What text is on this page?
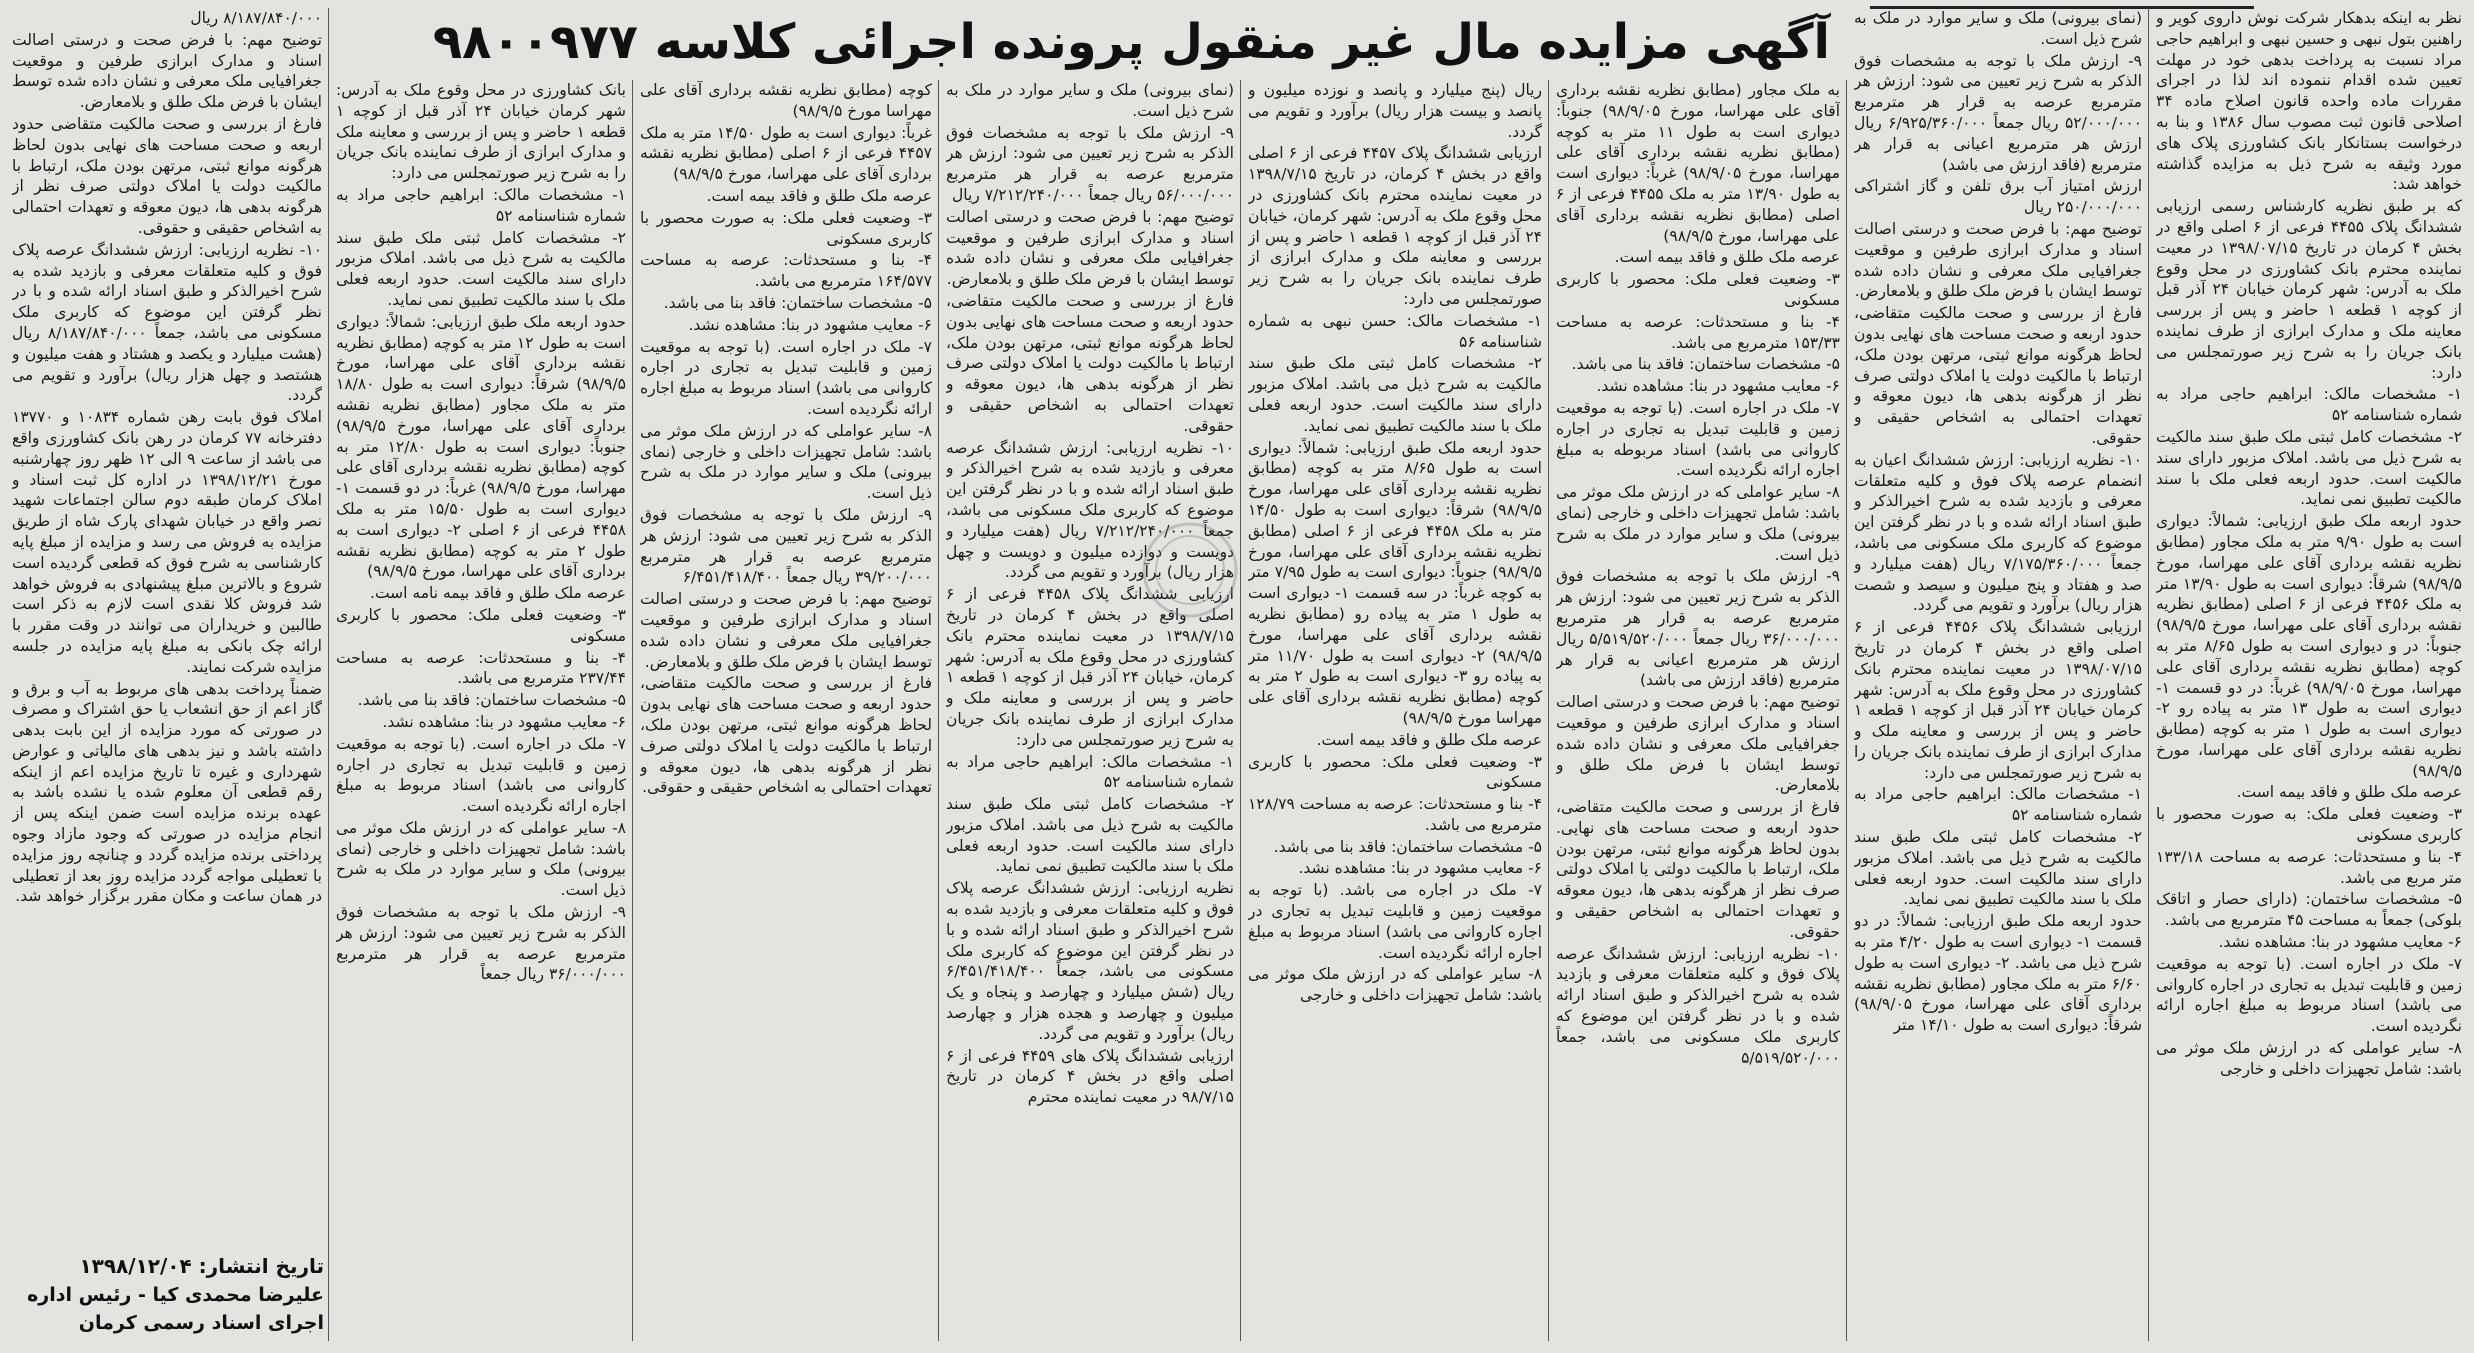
آگهی مزایده مال غیر منقول پرونده اجرائی کلاسه ۹۸۰۰۹۷۷	نظر به اینکه بدهکار شرکت نوش داروی کویر و راهنین بتول نبهی و حسین نبهی و ابراهیم حاجی مراد نسبت به پرداخت بدهی خود در مهلت تعیین شده اقدام ننموده اند لذا در اجرای مقررات ماده واحده قانون اصلاح ماده ۳۴ اصلاحی قانون ثبت مصوب سال ۱۳۸۶ و بنا به درخواست بستانکار بانک کشاورزی پلاک های مورد وثیقه به شرح ذیل به مزایده گذاشته خواهد شد:

که بر طبق نظریه کارشناس رسمی ارزیابی ششدانگ پلاک ۴۴۵۵ فرعی از ۶ اصلی واقع در بخش ۴ کرمان در تاریخ ۱۳۹۸/۰۷/۱۵ در معیت نماینده محترم بانک کشاورزی در محل وقوع ملک به آدرس: شهر کرمان خیابان ۲۴ آذر قبل از کوچه ۱ قطعه ۱ حاضر و پس از بررسی معاینه ملک و مدارک ابرازی از طرف نماینده بانک جریان را به شرح زیر صورتمجلس می دارد:

۱- مشخصات مالک: ابراهیم حاجی مراد به شماره شناسنامه ۵۲

۲- مشخصات کامل ثبتی ملک طبق سند مالکیت به شرح ذیل می باشد. املاک مزبور دارای سند مالکیت است. حدود اربعه فعلی ملک با سند مالکیت تطبیق نمی نماید.

حدود اربعه ملک طبق ارزیابی: شمالاً: دیواری است به طول ۹/۹۰ متر به ملک مجاور (مطابق نظریه نقشه برداری آقای علی مهراسا، مورخ ۹۸/۹/۵) شرقاً: دیواری است به طول ۱۳/۹۰ متر به ملک ۴۴۵۶ فرعی از ۶ اصلی (مطابق نظریه نقشه برداری آقای علی مهراسا، مورخ ۹۸/۹/۵) جنوباً: در و دیواری است به طول ۸/۶۵ متر به کوچه (مطابق نظریه نقشه برداری آقای علی مهراسا، مورخ ۹۸/۹/۰۵) غرباً: در دو قسمت ۱- دیواری است به طول ۱۳ متر به پیاده رو ۲- دیواری است به طول ۱ متر به کوچه (مطابق نظریه نقشه برداری آقای علی مهراسا، مورخ ۹۸/۹/۵)

عرصه ملک طلق و فاقد بیمه است.

۳- وضعیت فعلی ملک: به صورت محصور با کاربری مسکونی

۴- بنا و مستحدثات: عرصه به مساحت ۱۳۳/۱۸ متر مربع می باشد.

۵- مشخصات ساختمان: (دارای حصار و اتاقک بلوکی) جمعاً به مساحت ۴۵ مترمربع می باشد.

۶- معایب مشهود در بنا: مشاهده نشد.

۷- ملک در اجاره است. (با توجه به موقعیت زمین و قابلیت تبدیل به تجاری در اجاره کاروانی می باشد) اسناد مربوط به مبلغ اجاره ارائه نگردیده است.

۸- سایر عواملی که در ارزش ملک موثر می باشد: شامل تجهیزات داخلی و خارجی

(نمای بیرونی) ملک و سایر موارد در ملک به شرح ذیل است.

۹- ارزش ملک با توجه به مشخصات فوق الذکر به شرح زیر تعیین می شود: ارزش هر مترمربع عرصه به قرار هر مترمربع ۵۲/۰۰۰/۰۰۰ ریال جمعاً ۶/۹۲۵/۳۶۰/۰۰۰ ریال ارزش هر مترمربع اعیانی به قرار هر مترمربع (فاقد ارزش می باشد)

ارزش امتیاز آب برق تلفن و گاز اشتراکی ۲۵۰/۰۰۰/۰۰۰ ریال

توضیح مهم: با فرض صحت و درستی اصالت اسناد و مدارک ابرازی طرفین و موقعیت جغرافیایی ملک معرفی و نشان داده شده توسط ایشان با فرض ملک طلق و بلامعارض.

فارغ از بررسی و صحت مالکیت متقاضی، حدود اربعه و صحت مساحت های نهایی بدون لحاظ هرگونه موانع ثبتی، مرتهن بودن ملک، ارتباط با مالکیت دولت یا املاک دولتی صرف نظر از هرگونه بدهی ها، دیون معوقه و تعهدات احتمالی به اشخاص حقیقی و حقوقی.

۱۰- نظریه ارزیابی: ارزش ششدانگ اعیان به انضمام عرصه پلاک فوق و کلیه متعلقات معرفی و بازدید شده به شرح اخیرالذکر و طبق اسناد ارائه شده و با در نظر گرفتن این موضوع که کاربری ملک مسکونی می باشد، جمعاً ۷/۱۷۵/۳۶۰/۰۰۰ ریال (هفت میلیارد و صد و هفتاد و پنج میلیون و سیصد و شصت هزار ریال) برآورد و تقویم می گردد.

ارزیابی ششدانگ پلاک ۴۴۵۶ فرعی از ۶ اصلی واقع در بخش ۴ کرمان در تاریخ ۱۳۹۸/۰۷/۱۵ در معیت نماینده محترم بانک کشاورزی در محل وقوع ملک به آدرس: شهر کرمان خیابان ۲۴ آذر قبل از کوچه ۱ قطعه ۱ حاضر و پس از بررسی و معاینه ملک و مدارک ابرازی از طرف نماینده بانک جریان را به شرح زیر صورتمجلس می دارد:

۱- مشخصات مالک: ابراهیم حاجی مراد به شماره شناسنامه ۵۲

۲- مشخصات کامل ثبتی ملک طبق سند مالکیت به شرح ذیل می باشد. املاک مزبور دارای سند مالکیت است. حدود اربعه فعلی ملک با سند مالکیت تطبیق نمی نماید.

حدود اربعه ملک طبق ارزیابی: شمالاً: در دو قسمت ۱- دیواری است به طول ۴/۲۰ متر به شرح ذیل می باشد. ۲- دیواری است به طول ۶/۶۰ متر به ملک مجاور (مطابق نظریه نقشه برداری آقای علی مهراسا، مورخ ۹۸/۹/۰۵) شرقاً: دیواری است به طول ۱۴/۱۰ متر

به ملک مجاور (مطابق نظریه نقشه برداری آقای علی مهراسا، مورخ ۹۸/۹/۰۵) جنوباً: دیواری است به طول ۱۱ متر به کوچه (مطابق نظریه نقشه برداری آقای علی مهراسا، مورخ ۹۸/۹/۰۵) غرباً: دیواری است به طول ۱۳/۹۰ متر به ملک ۴۴۵۵ فرعی از ۶ اصلی (مطابق نظریه نقشه برداری آقای علی مهراسا، مورخ ۹۸/۹/۵)

عرصه ملک طلق و فاقد بیمه است.

۳- وضعیت فعلی ملک: محصور با کاربری مسکونی

۴- بنا و مستحدثات: عرصه به مساحت ۱۵۳/۳۳ مترمربع می باشد.

۵- مشخصات ساختمان: فاقد بنا می باشد.

۶- معایب مشهود در بنا: مشاهده نشد.

۷- ملک در اجاره است. (با توجه به موقعیت زمین و قابلیت تبدیل به تجاری در اجاره کاروانی می باشد) اسناد مربوطه به مبلغ اجاره ارائه نگردیده است.

۸- سایر عواملی که در ارزش ملک موثر می باشد: شامل تجهیزات داخلی و خارجی (نمای بیرونی) ملک و سایر موارد در ملک به شرح ذیل است.

۹- ارزش ملک با توجه به مشخصات فوق الذکر به شرح زیر تعیین می شود: ارزش هر مترمربع عرصه به قرار هر مترمربع ۳۶/۰۰۰/۰۰۰ ریال جمعاً ۵/۵۱۹/۵۲۰/۰۰۰ ریال ارزش هر مترمربع اعیانی به قرار هر مترمربع (فاقد ارزش می باشد)

توضیح مهم: با فرض صحت و درستی اصالت اسناد و مدارک ابرازی طرفین و موقعیت جغرافیایی ملک معرفی و نشان داده شده توسط ایشان با فرض ملک طلق و بلامعارض.

فارغ از بررسی و صحت مالکیت متقاضی، حدود اربعه و صحت مساحت های نهایی. بدون لحاظ هرگونه موانع ثبتی، مرتهن بودن ملک، ارتباط با مالکیت دولتی یا املاک دولتی صرف نظر از هرگونه بدهی ها، دیون معوقه و تعهدات احتمالی به اشخاص حقیقی و حقوقی.

۱۰- نظریه ارزیابی: ارزش ششدانگ عرصه پلاک فوق و کلیه متعلقات معرفی و بازدید شده به شرح اخیرالذکر و طبق اسناد ارائه شده و با در نظر گرفتن این موضوع که کاربری ملک مسکونی می باشد، جمعاً ۵/۵۱۹/۵۲۰/۰۰۰

ریال (پنج میلیارد و پانصد و نوزده میلیون و پانصد و بیست هزار ریال) برآورد و تقویم می گردد.

ارزیابی ششدانگ پلاک ۴۴۵۷ فرعی از ۶ اصلی واقع در بخش ۴ کرمان، در تاریخ ۱۳۹۸/۷/۱۵ در معیت نماینده محترم بانک کشاورزی در محل وقوع ملک به آدرس: شهر کرمان، خیابان ۲۴ آذر قبل از کوچه ۱ قطعه ۱ حاضر و پس از بررسی و معاینه ملک و مدارک ابرازی از طرف نماینده بانک جریان را به شرح زیر صورتمجلس می دارد:

۱- مشخصات مالک: حسن نبهی به شماره شناسنامه ۵۶

۲- مشخصات کامل ثبتی ملک طبق سند مالکیت به شرح ذیل می باشد. املاک مزبور دارای سند مالکیت است. حدود اربعه فعلی ملک با سند مالکیت تطبیق نمی نماید.

حدود اربعه ملک طبق ارزیابی: شمالاً: دیواری است به طول ۸/۶۵ متر به کوچه (مطابق نظریه نقشه برداری آقای علی مهراسا، مورخ ۹۸/۹/۵) شرقاً: دیواری است به طول ۱۴/۵۰ متر به ملک ۴۴۵۸ فرعی از ۶ اصلی (مطابق نظریه نقشه برداری آقای علی مهراسا، مورخ ۹۸/۹/۵) جنوباً: دیواری است به طول ۷/۹۵ متر به کوچه غرباً: در سه قسمت ۱- دیواری است به طول ۱ متر به پیاده رو (مطابق نظریه نقشه برداری آقای علی مهراسا، مورخ ۹۸/۹/۵) ۲- دیواری است به طول ۱۱/۷۰ متر به پیاده رو ۳- دیواری است به طول ۲ متر به کوچه (مطابق نظریه نقشه برداری آقای علی مهراسا مورخ ۹۸/۹/۵)

عرصه ملک طلق و فاقد بیمه است.

۳- وضعیت فعلی ملک: محصور با کاربری مسکونی

۴- بنا و مستحدثات: عرصه به مساحت ۱۲۸/۷۹ مترمربع می باشد.

۵- مشخصات ساختمان: فاقد بنا می باشد.

۶- معایب مشهود در بنا: مشاهده نشد.

۷- ملک در اجاره می باشد. (با توجه به موقعیت زمین و قابلیت تبدیل به تجاری در اجاره کاروانی می باشد) اسناد مربوط به مبلغ اجاره ارائه نگردیده است.

۸- سایر عواملی که در ارزش ملک موثر می باشد: شامل تجهیزات داخلی و خارجی

(نمای بیرونی) ملک و سایر موارد در ملک به شرح ذیل است.

۹- ارزش ملک با توجه به مشخصات فوق الذکر به شرح زیر تعیین می شود: ارزش هر مترمربع عرصه به قرار هر مترمربع ۵۶/۰۰۰/۰۰۰ ریال جمعاً ۷/۲۱۲/۲۴۰/۰۰۰ ریال

توضیح مهم: با فرض صحت و درستی اصالت اسناد و مدارک ابرازی طرفین و موقعیت جغرافیایی ملک معرفی و نشان داده شده توسط ایشان با فرض ملک طلق و بلامعارض.

فارغ از بررسی و صحت مالکیت متقاضی، حدود اربعه و صحت مساحت های نهایی بدون لحاظ هرگونه موانع ثبتی، مرتهن بودن ملک، ارتباط با مالکیت دولت یا املاک دولتی صرف نظر از هرگونه بدهی ها، دیون معوقه و تعهدات احتمالی به اشخاص حقیقی و حقوقی.

۱۰- نظریه ارزیابی: ارزش ششدانگ عرصه معرفی و بازدید شده به شرح اخیرالذکر و طبق اسناد ارائه شده و با در نظر گرفتن این موضوع که کاربری ملک مسکونی می باشد، جمعاً ۷/۲۱۲/۲۴۰/۰۰۰ ریال (هفت میلیارد و دویست و دوازده میلیون و دویست و چهل هزار ریال) برآورد و تقویم می گردد.

ارزیابی ششدانگ پلاک ۴۴۵۸ فرعی از ۶ اصلی واقع در بخش ۴ کرمان در تاریخ ۱۳۹۸/۷/۱۵ در معیت نماینده محترم بانک کشاورزی در محل وقوع ملک به آدرس: شهر کرمان، خیابان ۲۴ آذر قبل از کوچه ۱ قطعه ۱ حاضر و پس از بررسی و معاینه ملک و مدارک ابرازی از طرف نماینده بانک جریان به شرح زیر صورتمجلس می دارد:

۱- مشخصات مالک: ابراهیم حاجی مراد به شماره شناسنامه ۵۲

۲- مشخصات کامل ثبتی ملک طبق سند مالکیت به شرح ذیل می باشد. املاک مزبور دارای سند مالکیت است. حدود اربعه فعلی ملک با سند مالکیت تطبیق نمی نماید.

نظریه ارزیابی: ارزش ششدانگ عرصه پلاک فوق و کلیه متعلقات معرفی و بازدید شده به شرح اخیرالذکر و طبق اسناد ارائه شده و با در نظر گرفتن این موضوع که کاربری ملک مسکونی می باشد، جمعاً ۶/۴۵۱/۴۱۸/۴۰۰ ریال (شش میلیارد و چهارصد و پنجاه و یک میلیون و چهارصد و هجده هزار و چهارصد ریال) برآورد و تقویم می گردد.

ارزیابی ششدانگ پلاک های ۴۴۵۹ فرعی از ۶ اصلی واقع در بخش ۴ کرمان در تاریخ ۹۸/۷/۱۵ در معیت نماینده محترم

کوچه (مطابق نظریه نقشه برداری آقای علی مهراسا مورخ ۹۸/۹/۵)

غرباً: دیواری است به طول ۱۴/۵۰ متر به ملک ۴۴۵۷ فرعی از ۶ اصلی (مطابق نظریه نقشه برداری آقای علی مهراسا، مورخ ۹۸/۹/۵)

عرصه ملک طلق و فاقد بیمه است.

۳- وضعیت فعلی ملک: به صورت محصور با کاربری مسکونی

۴- بنا و مستحدثات: عرصه به مساحت ۱۶۴/۵۷۷ مترمربع می باشد.

۵- مشخصات ساختمان: فاقد بنا می باشد.

۶- معایب مشهود در بنا: مشاهده نشد.

۷- ملک در اجاره است. (با توجه به موقعیت زمین و قابلیت تبدیل به تجاری در اجاره کاروانی می باشد) اسناد مربوط به مبلغ اجاره ارائه نگردیده است.

۸- سایر عواملی که در ارزش ملک موثر می باشد: شامل تجهیزات داخلی و خارجی (نمای بیرونی) ملک و سایر موارد در ملک به شرح ذیل است.

۹- ارزش ملک با توجه به مشخصات فوق الذکر به شرح زیر تعیین می شود: ارزش هر مترمربع عرصه به قرار هر مترمربع ۳۹/۲۰۰/۰۰۰ ریال جمعاً ۶/۴۵۱/۴۱۸/۴۰۰

توضیح مهم: با فرض صحت و درستی اصالت اسناد و مدارک ابرازی طرفین و موقعیت جغرافیایی ملک معرفی و نشان داده شده توسط ایشان با فرض ملک طلق و بلامعارض.

فارغ از بررسی و صحت مالکیت متقاضی، حدود اربعه و صحت مساحت های نهایی بدون لحاظ هرگونه موانع ثبتی، مرتهن بودن ملک، ارتباط با مالکیت دولت یا املاک دولتی صرف نظر از هرگونه بدهی ها، دیون معوقه و تعهدات احتمالی به اشخاص حقیقی و حقوقی.

بانک کشاورزی در محل وقوع ملک به آدرس: شهر کرمان خیابان ۲۴ آذر قبل از کوچه ۱ قطعه ۱ حاضر و پس از بررسی و معاینه ملک و مدارک ابرازی از طرف نماینده بانک جریان را به شرح زیر صورتمجلس می دارد:

۱- مشخصات مالک: ابراهیم حاجی مراد به شماره شناسنامه ۵۲

۲- مشخصات کامل ثبتی ملک طبق سند مالکیت به شرح ذیل می باشد. املاک مزبور دارای سند مالکیت است. حدود اربعه فعلی ملک با سند مالکیت تطبیق نمی نماید.

حدود اربعه ملک طبق ارزیابی: شمالاً: دیواری است به طول ۱۲ متر به کوچه (مطابق نظریه نقشه برداری آقای علی مهراسا، مورخ ۹۸/۹/۵) شرقاً: دیواری است به طول ۱۸/۸۰ متر به ملک مجاور (مطابق نظریه نقشه برداری آقای علی مهراسا، مورخ ۹۸/۹/۵) جنوباً: دیواری است به طول ۱۲/۸۰ متر به کوچه (مطابق نظریه نقشه برداری آقای علی مهراسا، مورخ ۹۸/۹/۵) غرباً: در دو قسمت ۱- دیواری است به طول ۱۵/۵۰ متر به ملک ۴۴۵۸ فرعی از ۶ اصلی ۲- دیواری است به طول ۲ متر به کوچه (مطابق نظریه نقشه برداری آقای علی مهراسا، مورخ ۹۸/۹/۵)

عرصه ملک طلق و فاقد بیمه نامه است.

۳- وضعیت فعلی ملک: محصور با کاربری مسکونی

۴- بنا و مستحدثات: عرصه به مساحت ۲۳۷/۴۴ مترمربع می باشد.

۵- مشخصات ساختمان: فاقد بنا می باشد.

۶- معایب مشهود در بنا: مشاهده نشد.

۷- ملک در اجاره است. (با توجه به موقعیت زمین و قابلیت تبدیل به تجاری در اجاره کاروانی می باشد) اسناد مربوط به مبلغ اجاره ارائه نگردیده است.

۸- سایر عواملی که در ارزش ملک موثر می باشد: شامل تجهیزات داخلی و خارجی (نمای بیرونی) ملک و سایر موارد در ملک به شرح ذیل است.

۹- ارزش ملک با توجه به مشخصات فوق الذکر به شرح زیر تعیین می شود: ارزش هر مترمربع عرصه به قرار هر مترمربع ۳۶/۰۰۰/۰۰۰ ریال جمعاً

۸/۱۸۷/۸۴۰/۰۰۰ ریال

توضیح مهم: با فرض صحت و درستی اصالت اسناد و مدارک ابرازی طرفین و موقعیت جغرافیایی ملک معرفی و نشان داده شده توسط ایشان با فرض ملک طلق و بلامعارض.

فارغ از بررسی و صحت مالکیت متقاضی حدود اربعه و صحت مساحت های نهایی بدون لحاظ هرگونه موانع ثبتی، مرتهن بودن ملک، ارتباط با مالکیت دولت یا املاک دولتی صرف نظر از هرگونه بدهی ها، دیون معوقه و تعهدات احتمالی به اشخاص حقیقی و حقوقی.

۱۰- نظریه ارزیابی: ارزش ششدانگ عرصه پلاک فوق و کلیه متعلقات معرفی و بازدید شده به شرح اخیرالذکر و طبق اسناد ارائه شده و با در نظر گرفتن این موضوع که کاربری ملک مسکونی می باشد، جمعاً ۸/۱۸۷/۸۴۰/۰۰۰ ریال (هشت میلیارد و یکصد و هشتاد و هفت میلیون و هشتصد و چهل هزار ریال) برآورد و تقویم می گردد.

املاک فوق بابت رهن شماره ۱۰۸۳۴ و ۱۳۷۷۰ دفترخانه ۷۷ کرمان در رهن بانک کشاورزی واقع می باشد از ساعت ۹ الی ۱۲ ظهر روز چهارشنبه مورخ ۱۳۹۸/۱۲/۲۱ در اداره کل ثبت اسناد و املاک کرمان طبقه دوم سالن اجتماعات شهید نصر واقع در خیابان شهدای پارک شاه از طریق مزایده به فروش می رسد و مزایده از مبلغ پایه کارشناسی به شرح فوق که قطعی گردیده است شروع و بالاترین مبلغ پیشنهادی به فروش خواهد شد فروش کلا نقدی است لازم به ذکر است طالبین و خریداران می توانند در وقت مقرر با ارائه چک بانکی به مبلغ پایه مزایده در جلسه مزایده شرکت نمایند.

ضمناً پرداخت بدهی های مربوط به آب و برق و گاز اعم از حق انشعاب یا حق اشتراک و مصرف در صورتی که مورد مزایده از این بابت بدهی داشته باشد و نیز بدهی های مالیاتی و عوارض شهرداری و غیره تا تاریخ مزایده اعم از اینکه رقم قطعی آن معلوم شده یا نشده باشد به عهده برنده مزایده است ضمن اینکه پس از انجام مزایده در صورتی که وجود مازاد وجوه پرداختی برنده مزایده گردد و چنانچه روز مزایده با تعطیلی مواجه گردد مزایده روز بعد از تعطیلی در همان ساعت و مکان مقرر برگزار خواهد شد.

تاریخ انتشار: ۱۳۹۸/۱۲/۰۴
علیرضا محمدی کیا - رئیس اداره
اجرای اسناد رسمی کرمان
